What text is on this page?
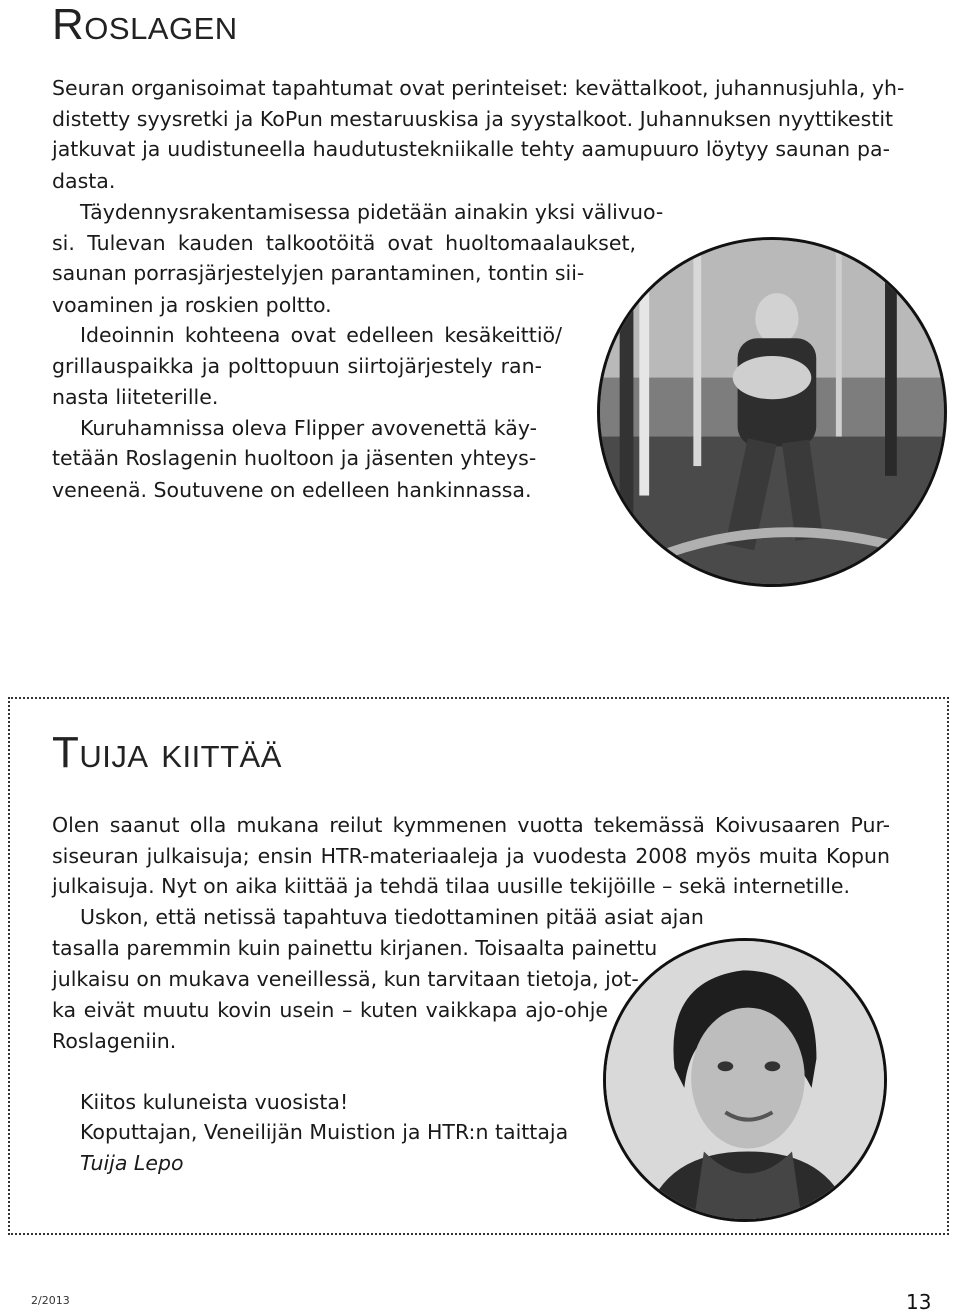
Roslagen

Seuran organisoimat tapahtumat ovat perinteiset: kevättalkoot, juhannusjuhla, yh-

distetty syysretki ja KoPun mestaruuskisa ja syystalkoot. Juhannuksen nyyttikestit

jatkuvat ja uudistuneella haudutustekniikalle tehty aamupuuro löytyy saunan pa-

dasta.

Täydennysrakentamisessa pidetään ainakin yksi välivuo-

si. Tulevan kauden talkootöitä ovat huoltomaalaukset,

saunan porrasjärjestelyjen parantaminen, tontin sii-

voaminen ja roskien poltto.

Ideoinnin kohteena ovat edelleen kesäkeittiö/

grillauspaikka ja polttopuun siirtojärjestely ran-

nasta liiteterille.

Kuruhamnissa oleva Flipper avovenettä käy-

tetään Roslagenin huoltoon ja jäsenten yhteys-

veneenä. Soutuvene on edelleen hankinnassa.

Tuija kiittää

Olen saanut olla mukana reilut kymmenen vuotta tekemässä Koivusaaren Pur-

siseuran julkaisuja; ensin HTR-materiaaleja ja vuodesta 2008 myös muita Kopun

julkaisuja. Nyt on aika kiittää ja tehdä tilaa uusille tekijöille – sekä internetille.

Uskon, että netissä tapahtuva tiedottaminen pitää asiat ajan

tasalla paremmin kuin painettu kirjanen. Toisaalta painettu

julkaisu on mukava veneillessä, kun tarvitaan tietoja, jot-

ka eivät muutu kovin usein – kuten vaikkapa ajo-ohje

Roslageniin.

Kiitos kuluneista vuosista!

Koputtajan, Veneilijän Muistion ja HTR:n taittaja

Tuija Lepo

2/2013	13
